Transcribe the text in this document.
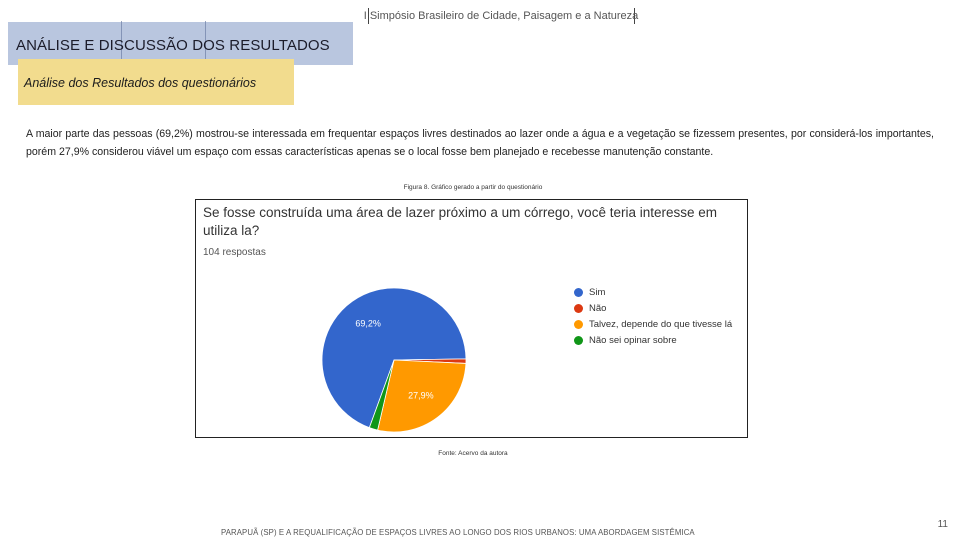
I Simpósio Brasileiro de Cidade, Paisagem e a Natureza
ANÁLISE E DISCUSSÃO DOS RESULTADOS
Análise dos Resultados dos questionários

A maior parte das pessoas (69,2%) mostrou-se interessada em frequentar espaços livres destinados ao lazer onde a água e a vegetação se fizessem presentes, por considerá-los importantes, porém 27,9% considerou viável um espaço com essas características apenas se o local fosse bem planejado e recebesse manutenção constante.

Figura 8. Gráfico gerado a partir do questionário
Se fosse construída uma área de lazer próximo a um córrego, você teria interesse em utiliza la?
104 respostas
69,2%
27,9%
Sim
Não
Talvez, depende do que tivesse lá
Não sei opinar sobre
Fonte: Acervo da autora
PARAPUÃ (SP) E A REQUALIFICAÇÃO DE ESPAÇOS LIVRES AO LONGO DOS RIOS URBANOS: UMA ABORDAGEM SISTÊMICA
11
